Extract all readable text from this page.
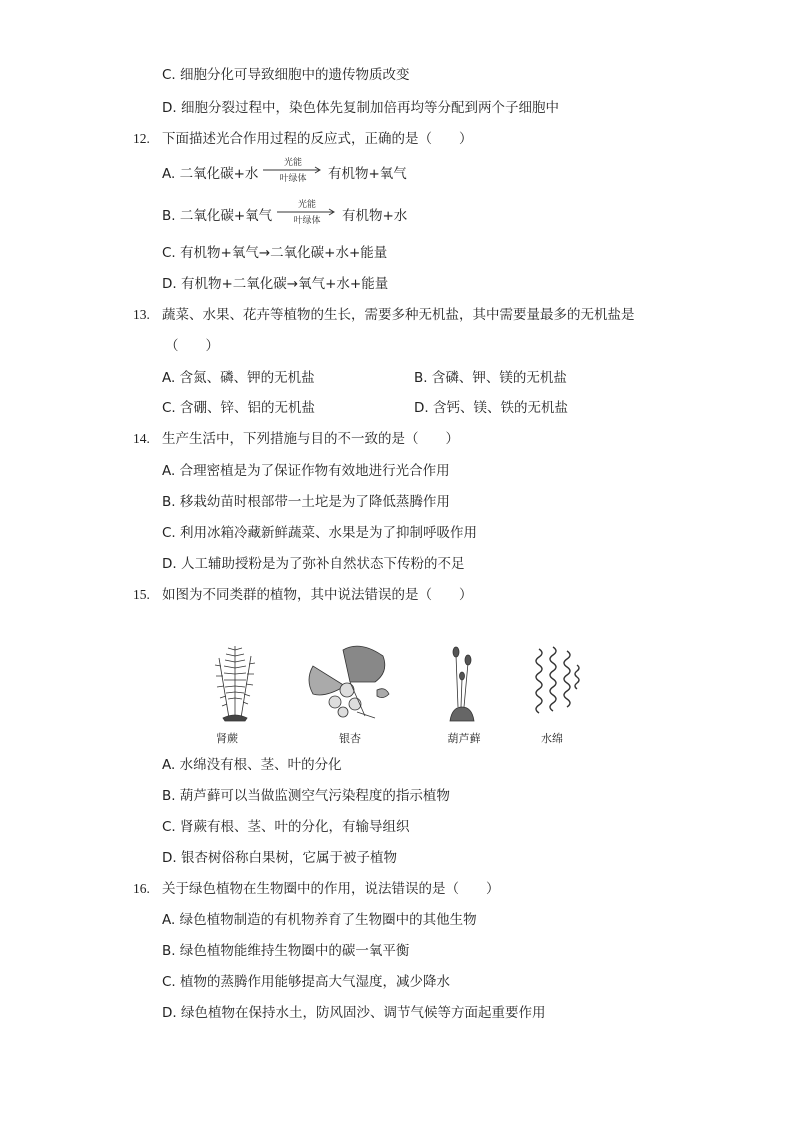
C. 细胞分化可导致细胞中的遗传物质改变
D. 细胞分裂过程中，染色体先复制加倍再均等分配到两个子细胞中
12. 下面描述光合作用过程的反应式，正确的是（　　）
A. 二氧化碳+水
光能
叶绿体	有机物+氧气
B. 二氧化碳+氧气
光能
叶绿体	有机物+水
C. 有机物+氧气→二氧化碳+水+能量
D. 有机物+二氧化碳→氧气+水+能量
13. 蔬菜、水果、花卉等植物的生长，需要多种无机盐，其中需要量最多的无机盐是
（　　）
A. 含氮、磷、钾的无机盐	B. 含磷、钾、镁的无机盐
C. 含硼、锌、铝的无机盐	D. 含钙、镁、铁的无机盐
14. 生产生活中，下列措施与目的不一致的是（　　）
A. 合理密植是为了保证作物有效地进行光合作用
B. 移栽幼苗时根部带一土坨是为了降低蒸腾作用
C. 利用冰箱冷藏新鲜蔬菜、水果是为了抑制呼吸作用
D. 人工辅助授粉是为了弥补自然状态下传粉的不足
15. 如图为不同类群的植物，其中说法错误的是（　　）
肾蕨	银杏	葫芦藓	水绵
A. 水绵没有根、茎、叶的分化
B. 葫芦藓可以当做监测空气污染程度的指示植物
C. 肾蕨有根、茎、叶的分化，有输导组织
D. 银杏树俗称白果树，它属于被子植物
16. 关于绿色植物在生物圈中的作用，说法错误的是（　　）
A. 绿色植物制造的有机物养育了生物圈中的其他生物
B. 绿色植物能维持生物圈中的碳一氧平衡
C. 植物的蒸腾作用能够提高大气湿度，减少降水
D. 绿色植物在保持水土，防风固沙、调节气候等方面起重要作用
